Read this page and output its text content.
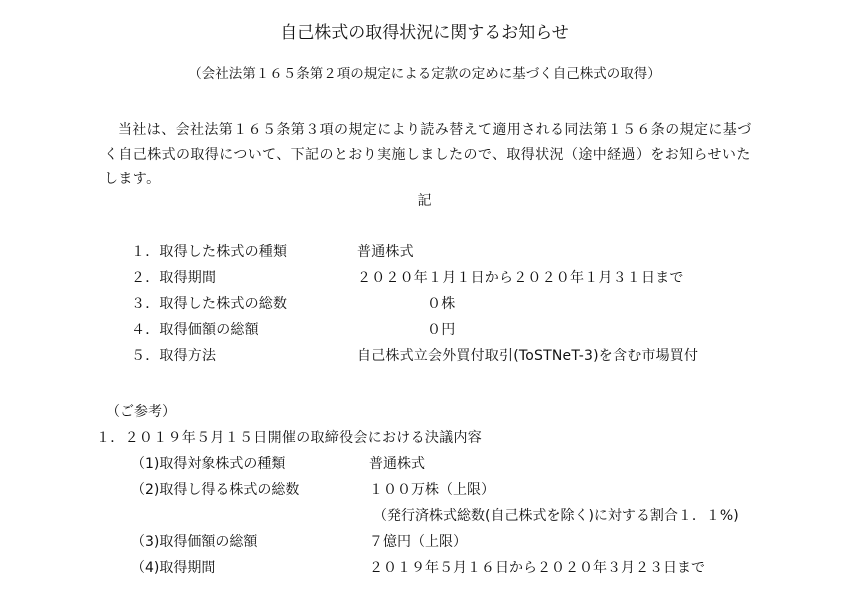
自己株式の取得状況に関するお知らせ
（会社法第１６５条第２項の規定による定款の定めに基づく自己株式の取得）
当社は、会社法第１６５条第３項の規定により読み替えて適用される同法第１５６条の規定に基づく自己株式の取得について、下記のとおり実施しましたので、取得状況（途中経過）をお知らせいたします。
記
１．取得した株式の種類	普通株式
２．取得期間	２０２０年１月１日から２０２０年１月３１日まで
３．取得した株式の総数	０株
４．取得価額の総額	０円
５．取得方法	自己株式立会外買付取引(ToSTNeT-3)を含む市場買付
（ご参考）
１．２０１９年５月１５日開催の取締役会における決議内容
（1)取得対象株式の種類	普通株式
（2)取得し得る株式の総数	１００万株（上限）
（発行済株式総数(自己株式を除く)に対する割合１．１%)
（3)取得価額の総額	７億円（上限）
（4)取得期間	２０１９年５月１６日から２０２０年３月２３日まで
